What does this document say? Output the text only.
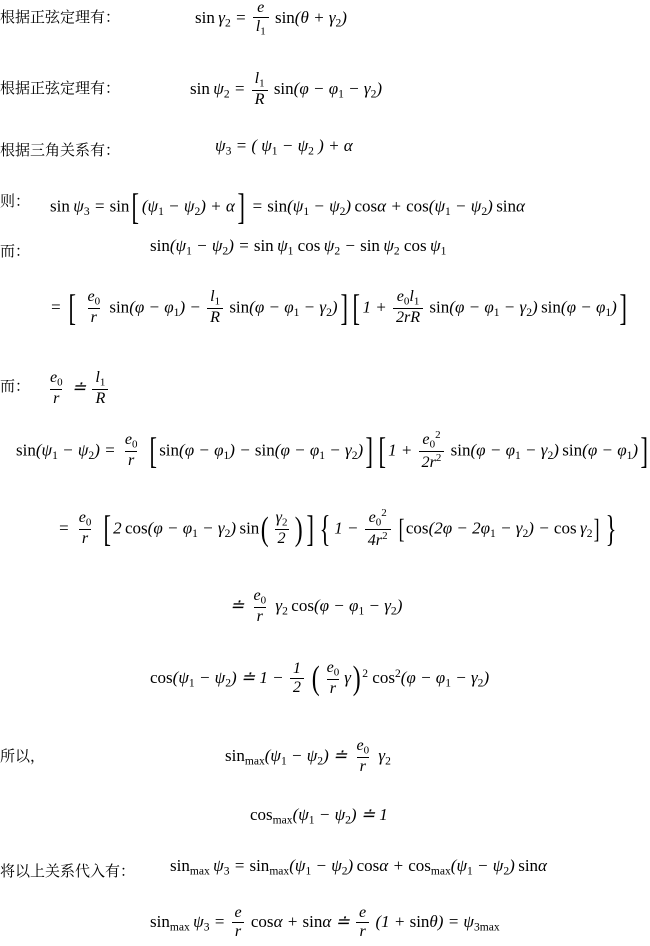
根据正弦定理有：	$\sin \gamma_2 = \frac{e}{l_1} \sin(\theta + \gamma_2)$
根据正弦定理有：	$\sin \psi_2 = \frac{l_1}{R} \sin(\varphi - \varphi_1 - \gamma_2)$
根据三角关系有：	$\psi_3$ = ( $\psi_1 - \psi_2$ ) + α
则： $\sin \psi_3 = \sin$[ $(\psi_1 - \psi_2) + \alpha] = \sin(\psi_1 - \psi_2) \cos\alpha + \cos(\psi_1 - \psi_2)$ sinα
而：	$\sin(\psi_1 - \psi_2) = \sin \psi_1$ $\cos \psi_2 - \sin \psi_2$ $\cos \psi_1$
= [ $\frac{e_0}{r} \sin(\varphi - \varphi_1) - \frac{l_1}{R} \sin(\varphi - \varphi_1 - \gamma_2)$] [ $1 + \frac{e_0l_1}{2rR} \sin(\varphi - \varphi_1 - \gamma_2) \sin(\varphi - \varphi_1)$]
而： $\frac{e_0}{r}$ ≐ $\frac{l_1}{R}$
$\sin(\psi_1 - \psi_2) = \frac{e_0}{r}$ [ $\sin(\varphi - \varphi_1) - \sin(\varphi - \varphi_1 - \gamma_2)$] [ $1 + \frac{e_0^2}{2r^2} \sin(\varphi - \varphi_1 - \gamma_2) \sin(\varphi - \varphi_1)$]
= $\frac{e_0}{r}$ [ 2 $\cos(\varphi - \varphi_1 - \gamma_2)$ $\sin( \frac{\gamma_2}{2}$ ) ] { $1 - \frac{e_0^2}{4r^2} [\cos(2\varphi - 2\varphi_1 - \gamma_2) - \cos \gamma_2]$ }
≐ $\frac{e_0}{r} \gamma_2$  $\cos(\varphi - \varphi_1 - \gamma_2)$
$\cos(\psi_1 - \psi_2)$ ≐ $1 - \frac{1}{2}$ ( $\frac{e_0}{r} \gamma$) $^2$ $\cos^2(\varphi - \varphi_1 - \gamma_2)$
所以，	$\sin_{max}(\psi_1 - \psi_2)$ ≐ $\frac{e_0}{r} \gamma_2$
$\cos_{max}(\psi_1 - \psi_2)$ ≐ 1
将以上关系代入有： $\sin_{max} \psi_3 = \sin_{max}(\psi_1 - \psi_2) \cos\alpha + \cos_{max}(\psi_1 - \psi_2)$ sinα
$\sin_{max} \psi_3 = \frac{e}{r}$ cosα + sinα ≐ $\frac{e}{r} (1 + \sin\theta) = \psi_{3max}$
